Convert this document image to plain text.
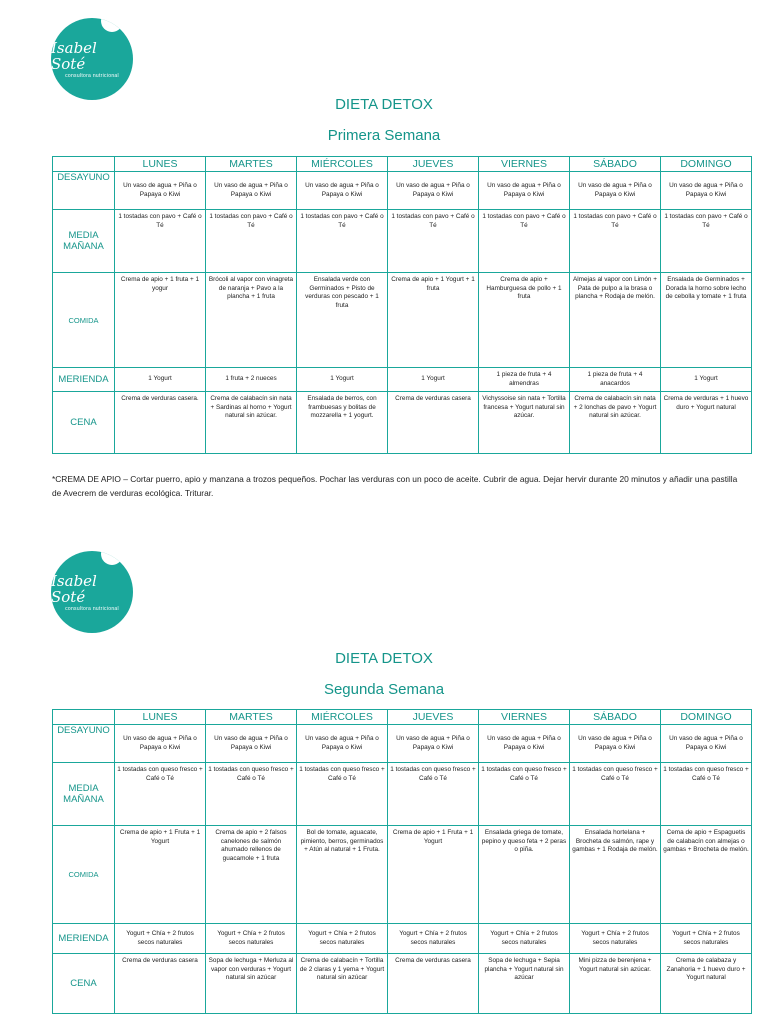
Isabel Soté
consultora nutricional
DIETA DETOX
Primera Semana
	LUNES	MARTES	MIÉRCOLES	JUEVES	VIERNES	SÁBADO	DOMINGO
DESAYUNO	Un vaso de agua + Piña o Papaya o Kiwi	Un vaso de agua + Piña o Papaya o Kiwi	Un vaso de agua + Piña o Papaya o Kiwi	Un vaso de agua + Piña o Papaya o Kiwi	Un vaso de agua + Piña o Papaya o Kiwi	Un vaso de agua + Piña o Papaya o Kiwi	Un vaso de agua + Piña o Papaya o Kiwi
MEDIA MAÑANA	1 tostadas con pavo + Café o Té	1 tostadas con pavo + Café o Té	1 tostadas con pavo + Café o Té	1 tostadas con pavo + Café o Té	1 tostadas con pavo + Café o Té	1 tostadas con pavo + Café o Té	1 tostadas con pavo + Café o Té
COMIDA	Crema de apio + 1 fruta + 1 yogur	Brócoli al vapor con vinagreta de naranja + Pavo a la plancha + 1 fruta	Ensalada verde con Germinados + Pisto de verduras con pescado + 1 fruta	Crema de apio + 1 Yogurt + 1 fruta	Crema de apio + Hamburguesa de pollo + 1 fruta	Almejas al vapor con Limón + Pata de pulpo a la brasa o plancha + Rodaja de melón.	Ensalada de Germinados + Dorada la horno sobre lecho de cebolla y tomate + 1 fruta
MERIENDA	1 Yogurt	1 fruta + 2 nueces	1 Yogurt	1 Yogurt	1 pieza de fruta + 4 almendras	1 pieza de fruta + 4 anacardos	1 Yogurt
CENA	Crema de verduras casera.	Crema de calabacín sin nata + Sardinas al horno + Yogurt natural sin azúcar.	Ensalada de berros, con frambuesas y bolitas de mozzarella + 1 yogurt.	Crema de verduras casera	Vichyssoise sin nata + Tortilla francesa + Yogurt natural sin azúcar.	Crema de calabacín sin nata + 2 lonchas de pavo + Yogurt natural sin azúcar.	Crema de verduras + 1 huevo duro + Yogurt natural
*CREMA DE APIO – Cortar puerro, apio y manzana a trozos pequeños. Pochar las verduras con un poco de aceite. Cubrir de agua. Dejar hervir durante 20 minutos y añadir una pastilla de Avecrem de verduras ecológica. Triturar.
Isabel Soté
consultora nutricional
DIETA DETOX
Segunda Semana
	LUNES	MARTES	MIÉRCOLES	JUEVES	VIERNES	SÁBADO	DOMINGO
DESAYUNO	Un vaso de agua + Piña o Papaya o Kiwi	Un vaso de agua + Piña o Papaya o Kiwi	Un vaso de agua + Piña o Papaya o Kiwi	Un vaso de agua + Piña o Papaya o Kiwi	Un vaso de agua + Piña o Papaya o Kiwi	Un vaso de agua + Piña o Papaya o Kiwi	Un vaso de agua + Piña o Papaya o Kiwi
MEDIA MAÑANA	1 tostadas con queso fresco + Café o Té	1 tostadas con queso fresco + Café o Té	1 tostadas con queso fresco + Café o Té	1 tostadas con queso fresco + Café o Té	1 tostadas con queso fresco + Café o Té	1 tostadas con queso fresco + Café o Té	1 tostadas con queso fresco + Café o Té
COMIDA	Crema de apio + 1 Fruta + 1 Yogurt	Crema de apio + 2 falsos canelones de salmón ahumado rellenos de guacamole + 1 fruta	Bol de tomate, aguacate, pimiento, berros, germinados + Atún al natural + 1 Fruta.	Crema de apio + 1 Fruta + 1 Yogurt	Ensalada griega de tomate, pepino y queso feta + 2 peras o piña.	Ensalada hortelana + Brocheta de salmón, rape y gambas + 1 Rodaja de melón.	Cema de apio + Espaguetis de calabacín con almejas o gambas + Brocheta de melón.
MERIENDA	Yogurt + Chía + 2 frutos secos naturales	Yogurt + Chía + 2 frutos secos naturales	Yogurt + Chía + 2 frutos secos naturales	Yogurt + Chía + 2 frutos secos naturales	Yogurt + Chía + 2 frutos secos naturales	Yogurt + Chía + 2 frutos secos naturales	Yogurt + Chía + 2 frutos secos naturales
CENA	Crema de verduras casera	Sopa de lechuga + Merluza al vapor con verduras + Yogurt natural sin azúcar	Crema de calabacín + Tortilla de 2 claras y 1 yema + Yogurt natural sin azúcar	Crema de verduras casera	Sopa de lechuga + Sepia plancha + Yogurt natural sin azúcar	Mini pizza de berenjena + Yogurt natural sin azúcar.	Crema de calabaza y Zanahoria + 1 huevo duro + Yogurt natural
